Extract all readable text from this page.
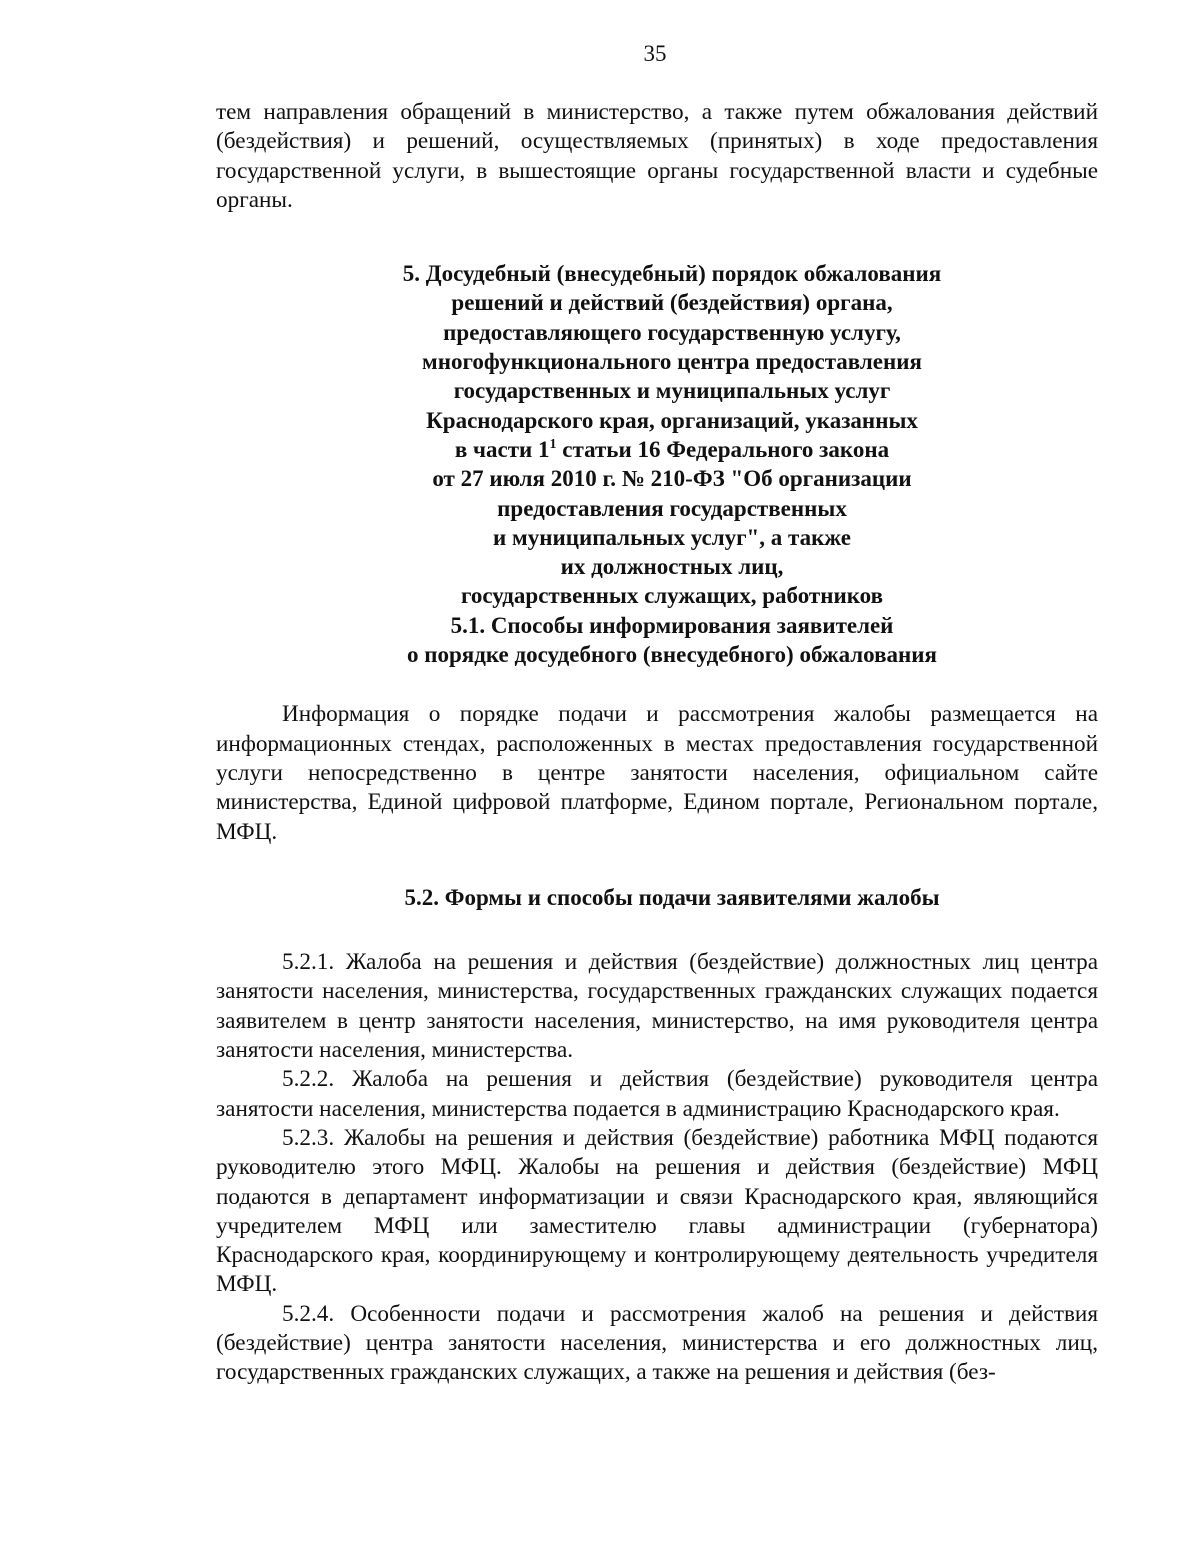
35

тем направления обращений в министерство, а также путем обжалования действий (бездействия) и решений, осуществляемых (принятых) в ходе предоставления государственной услуги, в вышестоящие органы государственной власти и судебные органы.

5. Досудебный (внесудебный) порядок обжалования
решений и действий (бездействия) органа,
предоставляющего государственную услугу,
многофункционального центра предоставления
государственных и муниципальных услуг
Краснодарского края, организаций, указанных
в части $1^1$ статьи 16 Федерального закона
от 27 июля 2010 г. № 210-ФЗ "Об организации
предоставления государственных
и муниципальных услуг", а также
их должностных лиц,
государственных служащих, работников
5.1. Способы информирования заявителей
о порядке досудебного (внесудебного) обжалования

Информация о порядке подачи и рассмотрения жалобы размещается на информационных стендах, расположенных в местах предоставления государственной услуги непосредственно в центре занятости населения, официальном сайте министерства, Единой цифровой платформе, Едином портале, Региональном портале, МФЦ.

5.2. Формы и способы подачи заявителями жалобы

5.2.1. Жалоба на решения и действия (бездействие) должностных лиц центра занятости населения, министерства, государственных гражданских служащих подается заявителем в центр занятости населения, министерство, на имя руководителя центра занятости населения, министерства.

5.2.2. Жалоба на решения и действия (бездействие) руководителя центра занятости населения, министерства подается в администрацию Краснодарского края.

5.2.3. Жалобы на решения и действия (бездействие) работника МФЦ подаются руководителю этого МФЦ. Жалобы на решения и действия (бездействие) МФЦ подаются в департамент информатизации и связи Краснодарского края, являющийся учредителем МФЦ или заместителю главы администрации (губернатора) Краснодарского края, координирующему и контролирующему деятельность учредителя МФЦ.

5.2.4. Особенности подачи и рассмотрения жалоб на решения и действия (бездействие) центра занятости населения, министерства и его должностных лиц, государственных гражданских служащих, а также на решения и действия (без-
